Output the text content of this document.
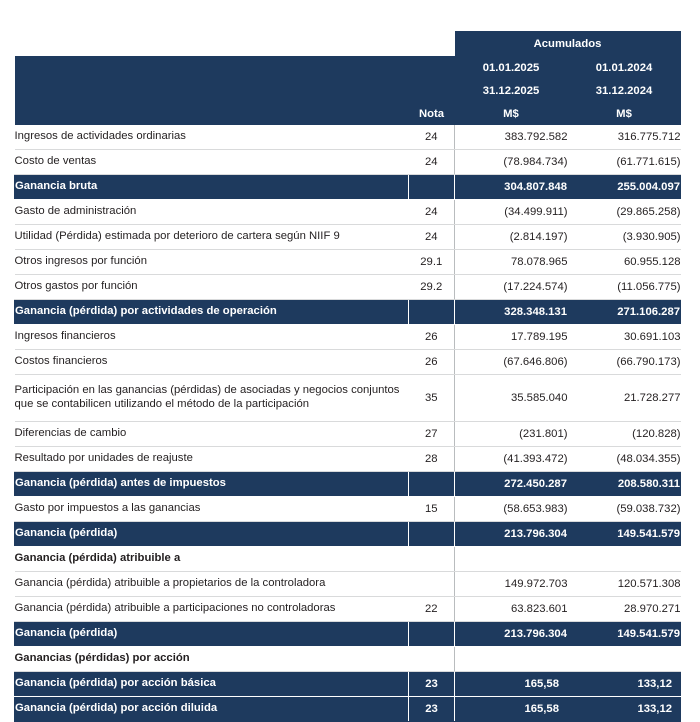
		Acumulados	
		01.01.2025	01.01.2024
		31.12.2025	31.12.2024
	Nota	M$	M$
Ingresos de actividades ordinarias	24	383.792.582	316.775.712
Costo de ventas	24	(78.984.734)	(61.771.615)
Ganancia bruta		304.807.848	255.004.097
Gasto de administración	24	(34.499.911)	(29.865.258)
Utilidad (Pérdida) estimada por deterioro de cartera según NIIF 9	24	(2.814.197)	(3.930.905)
Otros ingresos por función	29.1	78.078.965	60.955.128
Otros gastos por función	29.2	(17.224.574)	(11.056.775)
Ganancia (pérdida) por actividades de operación		328.348.131	271.106.287
Ingresos financieros	26	17.789.195	30.691.103
Costos financieros	26	(67.646.806)	(66.790.173)
Participación en las ganancias (pérdidas) de asociadas y negocios conjuntos que se contabilicen utilizando el método de la participación	35	35.585.040	21.728.277
Diferencias de cambio	27	(231.801)	(120.828)
Resultado por unidades de reajuste	28	(41.393.472)	(48.034.355)
Ganancia (pérdida) antes de impuestos		272.450.287	208.580.311
Gasto por impuestos a las ganancias	15	(58.653.983)	(59.038.732)
Ganancia (pérdida)		213.796.304	149.541.579
Ganancia (pérdida) atribuible a			
Ganancia (pérdida) atribuible a propietarios de la controladora		149.972.703	120.571.308
Ganancia (pérdida) atribuible a participaciones no controladoras	22	63.823.601	28.970.271
Ganancia (pérdida)		213.796.304	149.541.579
Ganancias (pérdidas) por acción			
Ganancia (pérdida) por acción básica	23	165,58	133,12
Ganancia (pérdida) por acción diluida	23	165,58	133,12
